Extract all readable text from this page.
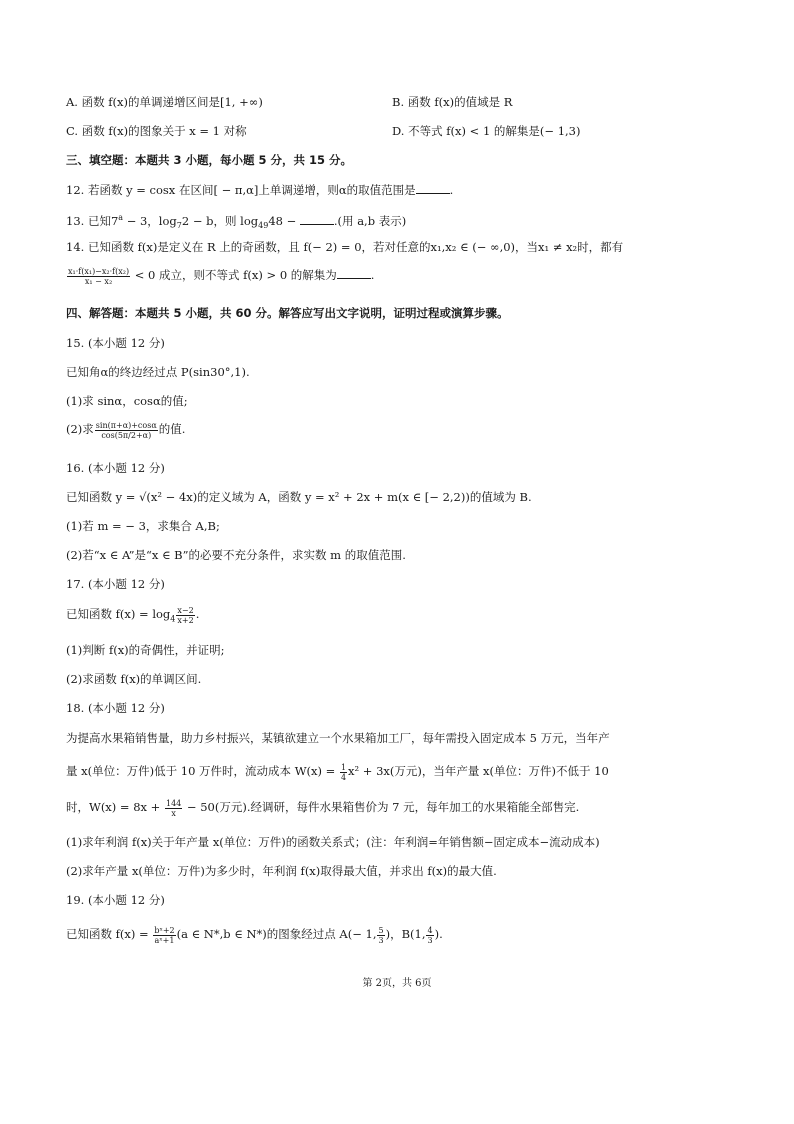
A. 函数 f(x)的单调递增区间是[1, +∞)	B. 函数 f(x)的值域是 R
C. 函数 f(x)的图象关于 x = 1 对称	D. 不等式 f(x) < 1 的解集是(− 1,3)
三、填空题：本题共 3 小题，每小题 5 分，共 15 分。
12. 若函数 y = cosx 在区间[ − π,α]上单调递增，则α的取值范围是	.
13. 已知$7^a - 3$，$\log_72 - b$，则 $\log_{49}48$ −	.(用 a,b 表示)
14. 已知函数 f(x)是定义在 R 上的奇函数，且 f(− 2) = 0，若对任意的x₁,x₂ ∈ (− ∞,0)，当x₁ ≠ x₂时，都有
$\frac{\text{x₁·f(x₁)−x₂·f(x₂)}}{\text{x₁ − x₂}} < 0$ 成立，则不等式 f(x) > 0 的解集为	.
四、解答题：本题共 5 小题，共 60 分。解答应写出文字说明，证明过程或演算步骤。
15. (本小题 12 分)
已知角α的终边经过点 P(sin30°,1).
(1)求 sinα，cosα的值;
(2)求 $\frac{\sin(\pi+\alpha)+\cos\alpha}{\cos(5\pi/2+\alpha)}$ 的值.
16. (本小题 12 分)
已知函数 y = √(x² − 4x)的定义域为 A，函数 y = x² + 2x + m(x ∈ [− 2,2))的值域为 B.
(1)若 m = − 3，求集合 A,B;
(2)若“x ∈ A”是“x ∈ B”的必要不充分条件，求实数 m 的取值范围.
17. (本小题 12 分)
已知函数 $f(x) = \log_4 \frac{x-2}{x+2}$ .
(1)判断 f(x)的奇偶性，并证明;
(2)求函数 f(x)的单调区间.
18. (本小题 12 分)
为提高水果箱销售量，助力乡村振兴，某镇欲建立一个水果箱加工厂，每年需投入固定成本 5 万元，当年产
量 x(单位：万件)低于 10 万件时，流动成本 $W(x) = \frac{1}{4} x^2 + 3x$(万元)，当年产量 x(单位：万件)不低于 10
时，$W(x) = 8x + \frac{144}{x} - 50$(万元).经调研，每件水果箱售价为 7 元，每年加工的水果箱能全部售完.
(1)求年利润 f(x)关于年产量 x(单位：万件)的函数关系式；(注：年利润=年销售额−固定成本−流动成本)
(2)求年产量 x(单位：万件)为多少时，年利润 f(x)取得最大值，并求出 f(x)的最大值.
19. (本小题 12 分)
已知函数 $f(x) = \frac{\text{bˣ+2}}{\text{aˣ+1}} (a$ ∈ N*,b ∈ N*)的图象经过点 A(− 1, $\frac{5}{3}$ )，B(1, $\frac{4}{3}$ ).
第 2页，共 6页
